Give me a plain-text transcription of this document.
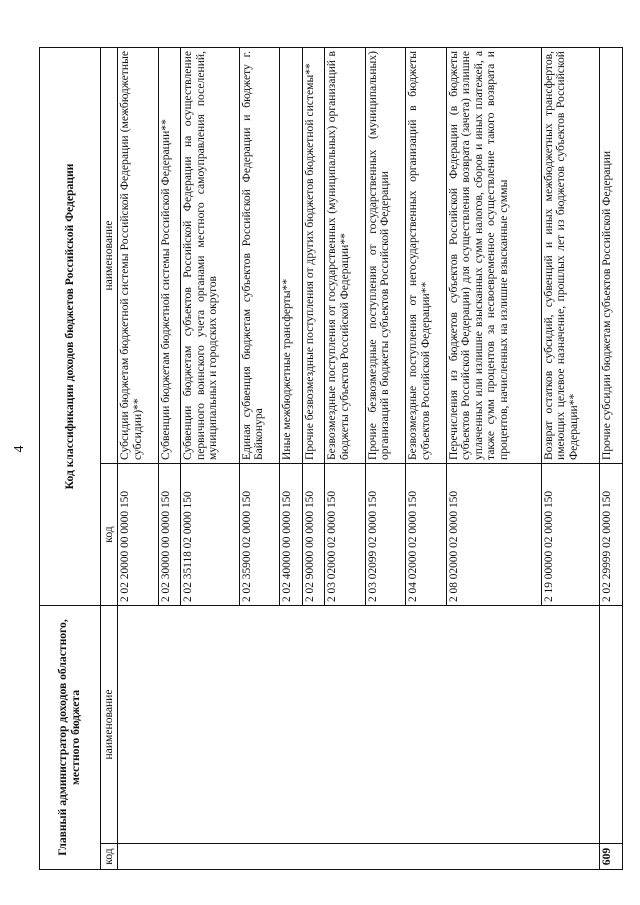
4
Главный администратор доходов областного, местного бюджета		Код классификации доходов бюджетов Российской Федерации	
код	наименование	код	наименование
		2 02 20000 00 0000 150	Субсидии бюджетам бюджетной системы Российской Федерации (межбюджетные субсидии)**
		2 02 30000 00 0000 150	Субвенции бюджетам бюджетной системы Российской Федерации**
		2 02 35118 02 0000 150	Субвенции бюджетам субъектов Российской Федерации на осуществление первичного воинского учета органами местного самоуправления поселений, муниципальных и городских округов
		2 02 35900 02 0000 150	Единая субвенция бюджетам субъектов Российской Федерации и бюджету г. Байконура
		2 02 40000 00 0000 150	Иные межбюджетные трансферты**
		2 02 90000 00 0000 150	Прочие безвозмездные поступления от других бюджетов бюджетной системы**
		2 03 02000 02 0000 150	Безвозмездные поступления от государственных (муниципальных) организаций в бюджеты субъектов Российской Федерации**
		2 03 02099 02 0000 150	Прочие безвозмездные поступления от государственных (муниципальных) организаций в бюджеты субъектов Российской Федерации
		2 04 02000 02 0000 150	Безвозмездные поступления от негосударственных организаций в бюджеты субъектов Российской Федерации**
		2 08 02000 02 0000 150	Перечисления из бюджетов субъектов Российской Федерации (в бюджеты субъектов Российской Федерации) для осуществления возврата (зачета) излишне уплаченных или излишне взысканных сумм налогов, сборов и иных платежей, а также сумм процентов за несвоевременное осуществление такого возврата и процентов, начисленных на излишне взысканные суммы
		2 19 00000 02 0000 150	Возврат остатков субсидий, субвенций и иных межбюджетных трансфертов, имеющих целевое назначение, прошлых лет из бюджетов субъектов Российской Федерации**
609		2 02 29999 02 0000 150	Прочие субсидии бюджетам субъектов Российской Федерации
